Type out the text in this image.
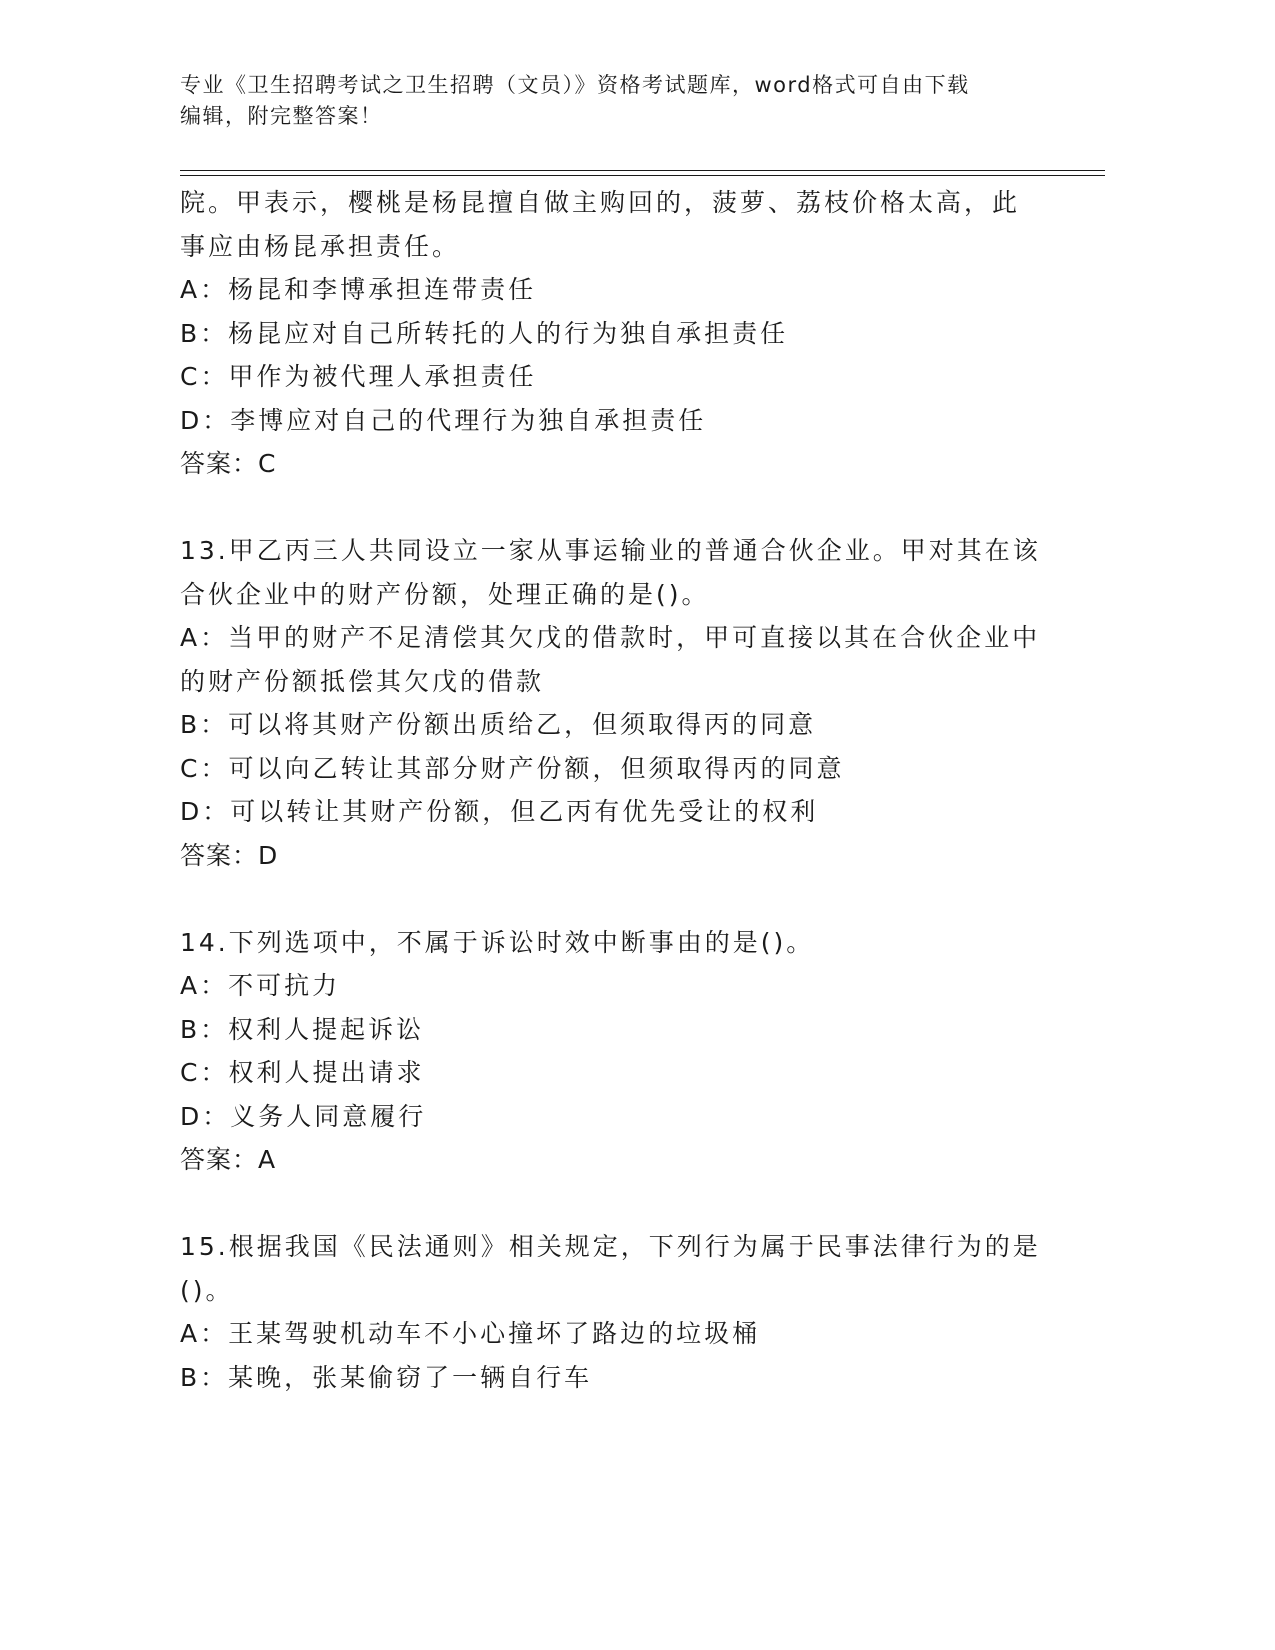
专业《卫生招聘考试之卫生招聘（文员）》资格考试题库，word格式可自由下载
编辑，附完整答案！
院。甲表示，樱桃是杨昆擅自做主购回的，菠萝、荔枝价格太高，此
事应由杨昆承担责任。
A：杨昆和李博承担连带责任
B：杨昆应对自己所转托的人的行为独自承担责任
C：甲作为被代理人承担责任
D：李博应对自己的代理行为独自承担责任
答案：C
13.甲乙丙三人共同设立一家从事运输业的普通合伙企业。甲对其在该
合伙企业中的财产份额，处理正确的是()。
A：当甲的财产不足清偿其欠戊的借款时，甲可直接以其在合伙企业中
的财产份额抵偿其欠戊的借款
B：可以将其财产份额出质给乙，但须取得丙的同意
C：可以向乙转让其部分财产份额，但须取得丙的同意
D：可以转让其财产份额，但乙丙有优先受让的权利
答案：D
14.下列选项中，不属于诉讼时效中断事由的是()。
A：不可抗力
B：权利人提起诉讼
C：权利人提出请求
D：义务人同意履行
答案：A
15.根据我国《民法通则》相关规定，下列行为属于民事法律行为的是
()。
A：王某驾驶机动车不小心撞坏了路边的垃圾桶
B：某晚，张某偷窃了一辆自行车
